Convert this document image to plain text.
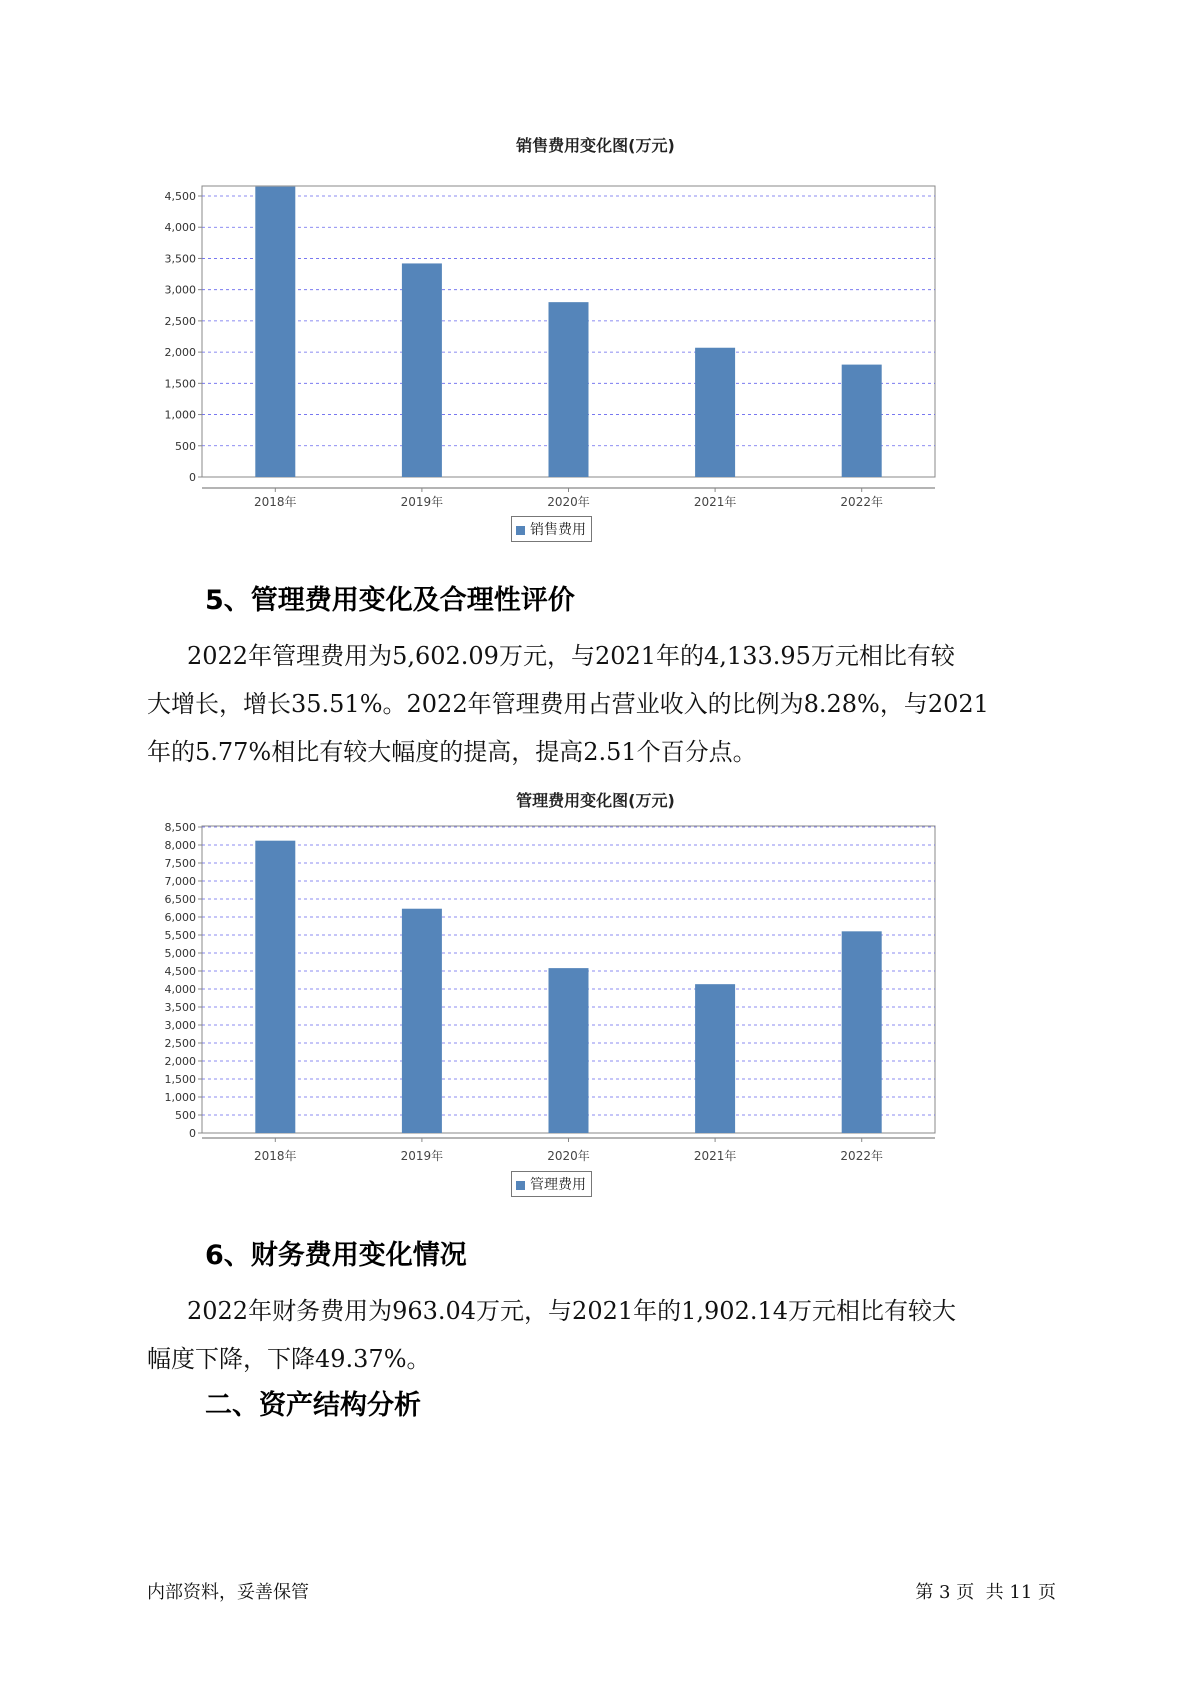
销售费用变化图(万元)
0
500
1,000
1,500
2,000
2,500
3,000
3,500
4,000
4,500
2018年	2019年	2020年	2021年	2022年
销售费用
5、管理费用变化及合理性评价
2022年管理费用为5,602.09万元，与2021年的4,133.95万元相比有较
大增长，增长35.51%。2022年管理费用占营业收入的比例为8.28%，与2021
年的5.77%相比有较大幅度的提高，提高2.51个百分点。
管理费用变化图(万元)
0
500
1,000
1,500
2,000
2,500
3,000
3,500
4,000
4,500
5,000
5,500
6,000
6,500
7,000
7,500
8,000
8,500
2018年	2019年	2020年	2021年	2022年
管理费用
6、财务费用变化情况
2022年财务费用为963.04万元，与2021年的1,902.14万元相比有较大
幅度下降，下降49.37%。
二、资产结构分析
内部资料，妥善保管	第 3 页  共 11 页
